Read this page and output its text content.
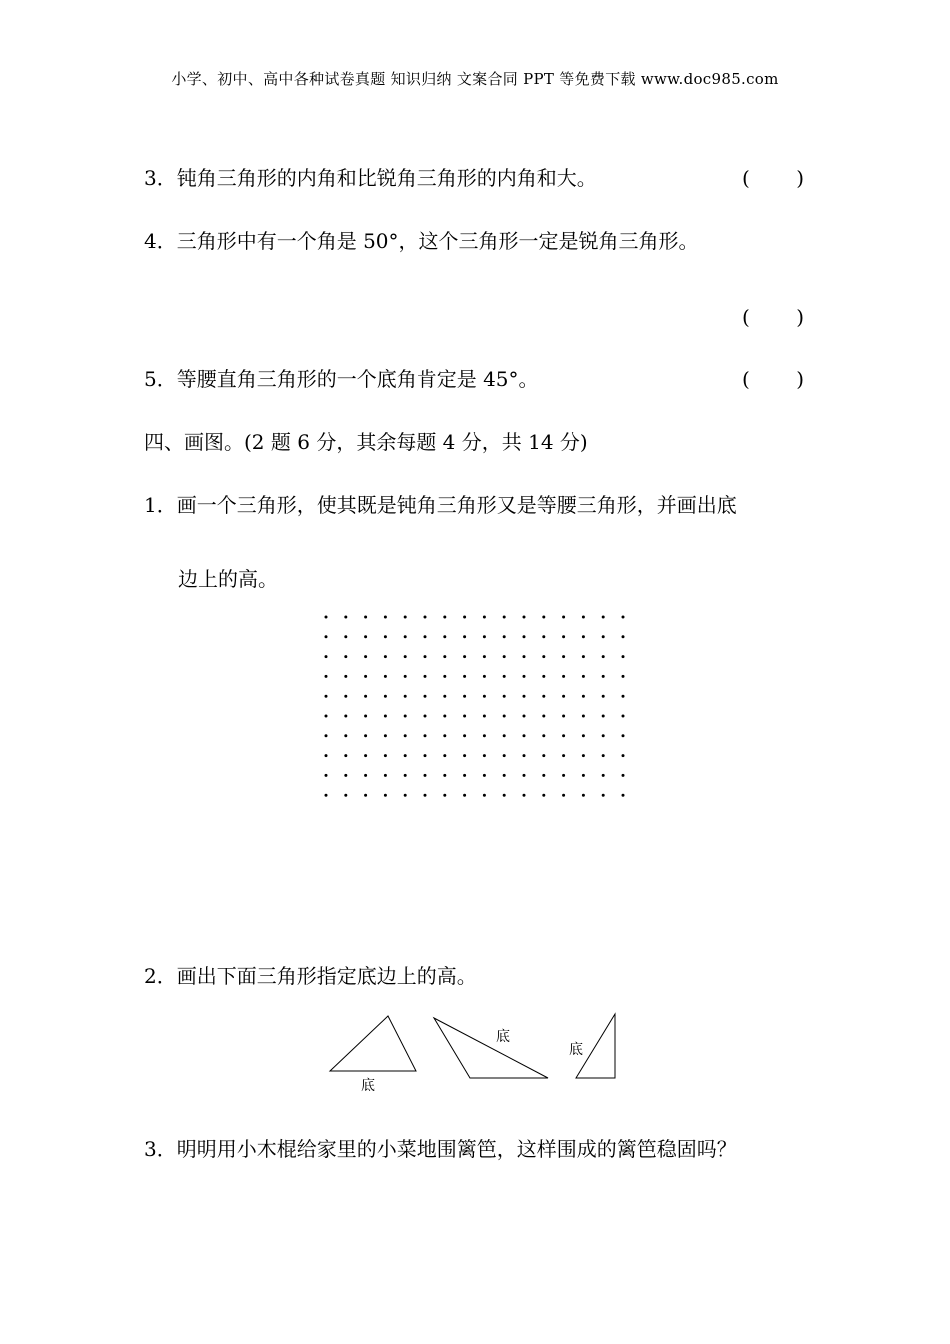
小学、初中、高中各种试卷真题 知识归纳 文案合同 PPT 等免费下载 www.doc985.com
3．钝角三角形的内角和比锐角三角形的内角和大。	( )
4．三角形中有一个角是 50°，这个三角形一定是锐角三角形。
( )
5．等腰直角三角形的一个底角肯定是 45°。	( )
四、画图。(2 题 6 分，其余每题 4 分，共 14 分)
1．画一个三角形，使其既是钝角三角形又是等腰三角形，并画出底
边上的高。
2．画出下面三角形指定底边上的高。
底
底
底
3．明明用小木棍给家里的小菜地围篱笆，这样围成的篱笆稳固吗？
